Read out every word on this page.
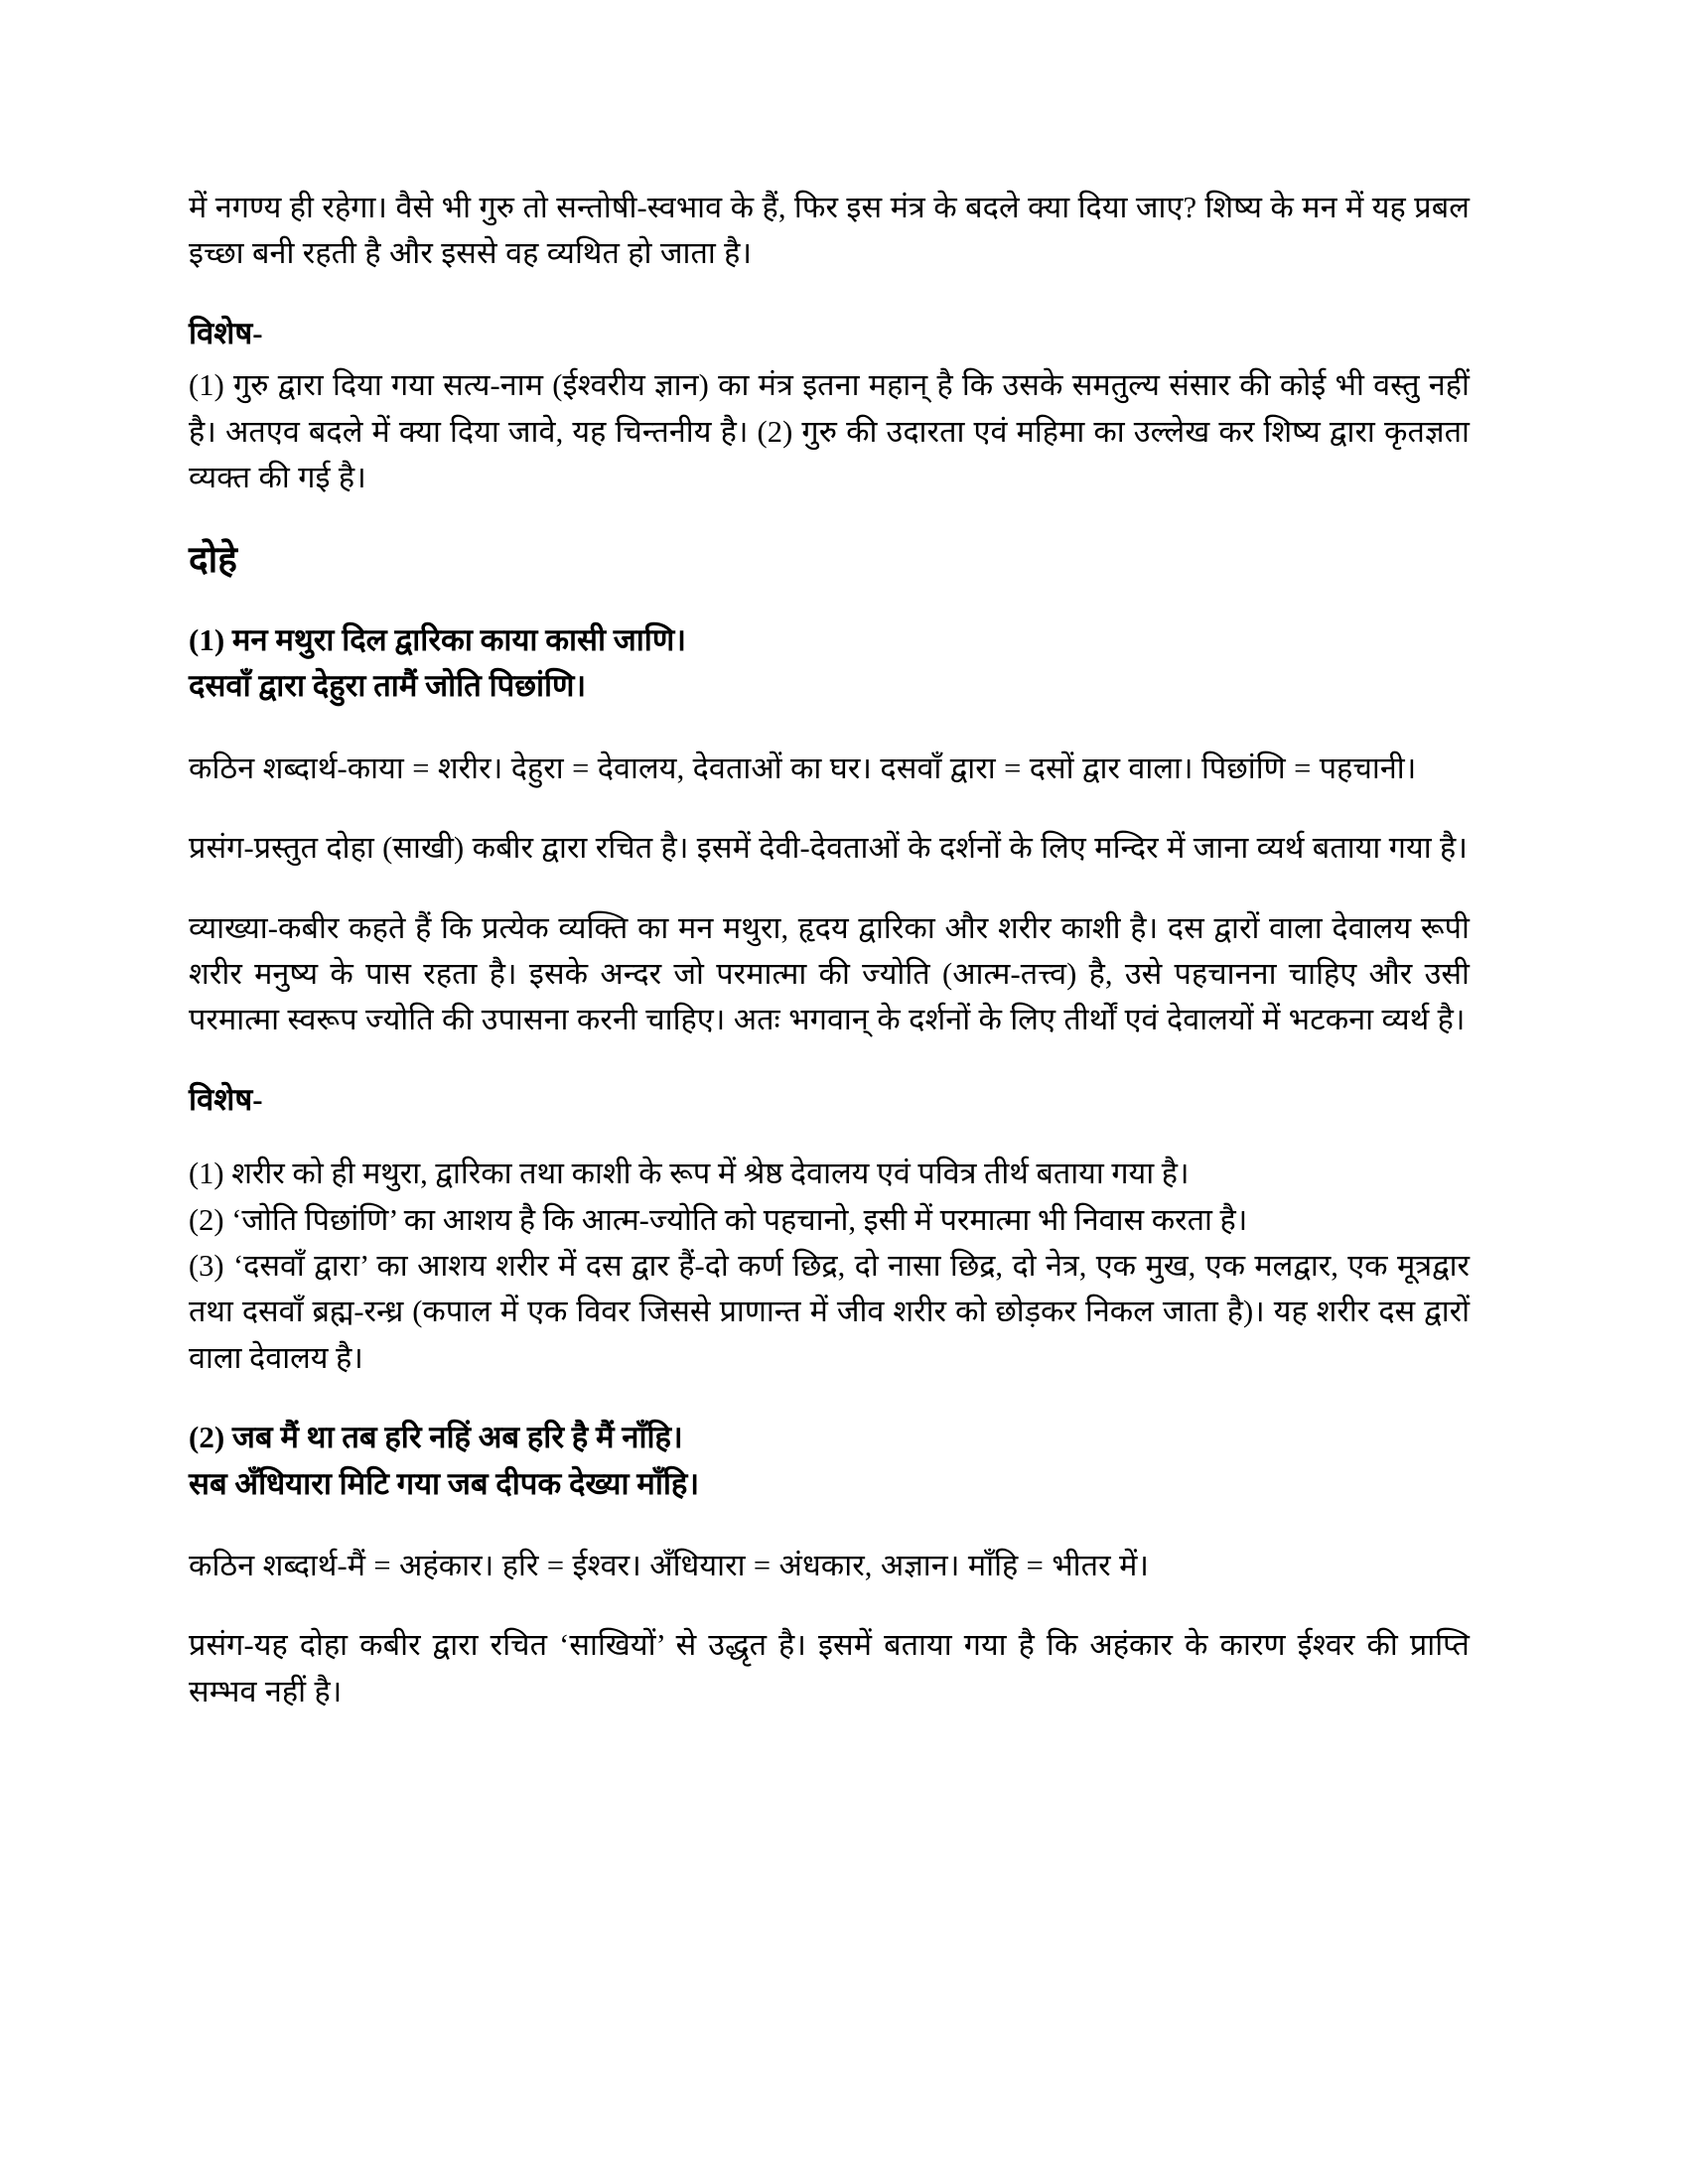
में नगण्य ही रहेगा। वैसे भी गुरु तो सन्तोषी-स्वभाव के हैं, फिर इस मंत्र के बदले क्या दिया जाए? शिष्य के मन में यह प्रबल इच्छा बनी रहती है और इससे वह व्यथित हो जाता है।

विशेष-

(1) गुरु द्वारा दिया गया सत्य-नाम (ईश्वरीय ज्ञान) का मंत्र इतना महान् है कि उसके समतुल्य संसार की कोई भी वस्तु नहीं है। अतएव बदले में क्या दिया जावे, यह चिन्तनीय है। (2) गुरु की उदारता एवं महिमा का उल्लेख कर शिष्य द्वारा कृतज्ञता व्यक्त की गई है।

दोहे

(1) मन मथुरा दिल द्वारिका काया कासी जाणि।
दसवाँ द्वारा देहुरा तामैं जोति पिछांणि।

कठिन शब्दार्थ-काया = शरीर। देहुरा = देवालय, देवताओं का घर। दसवाँ द्वारा = दसों द्वार वाला। पिछांणि = पहचानी।

प्रसंग-प्रस्तुत दोहा (साखी) कबीर द्वारा रचित है। इसमें देवी-देवताओं के दर्शनों के लिए मन्दिर में जाना व्यर्थ बताया गया है।

व्याख्या-कबीर कहते हैं कि प्रत्येक व्यक्ति का मन मथुरा, हृदय द्वारिका और शरीर काशी है। दस द्वारों वाला देवालय रूपी शरीर मनुष्य के पास रहता है। इसके अन्दर जो परमात्मा की ज्योति (आत्म-तत्त्व) है, उसे पहचानना चाहिए और उसी परमात्मा स्वरूप ज्योति की उपासना करनी चाहिए। अतः भगवान् के दर्शनों के लिए तीर्थों एवं देवालयों में भटकना व्यर्थ है।

विशेष-

(1) शरीर को ही मथुरा, द्वारिका तथा काशी के रूप में श्रेष्ठ देवालय एवं पवित्र तीर्थ बताया गया है।

(2) ‘जोति पिछांणि’ का आशय है कि आत्म-ज्योति को पहचानो, इसी में परमात्मा भी निवास करता है।

(3) ‘दसवाँ द्वारा’ का आशय शरीर में दस द्वार हैं-दो कर्ण छिद्र, दो नासा छिद्र, दो नेत्र, एक मुख, एक मलद्वार, एक मूत्रद्वार तथा दसवाँ ब्रह्म-रन्ध्र (कपाल में एक विवर जिससे प्राणान्त में जीव शरीर को छोड़कर निकल जाता है)। यह शरीर दस द्वारों वाला देवालय है।

(2) जब मैं था तब हरि नहिं अब हरि है मैं नाँहि।
सब अँधियारा मिटि गया जब दीपक देख्या माँहि।

कठिन शब्दार्थ-मैं = अहंकार। हरि = ईश्वर। अँधियारा = अंधकार, अज्ञान। माँहि = भीतर में।

प्रसंग-यह दोहा कबीर द्वारा रचित ‘साखियों’ से उद्धृत है। इसमें बताया गया है कि अहंकार के कारण ईश्वर की प्राप्ति सम्भव नहीं है।
